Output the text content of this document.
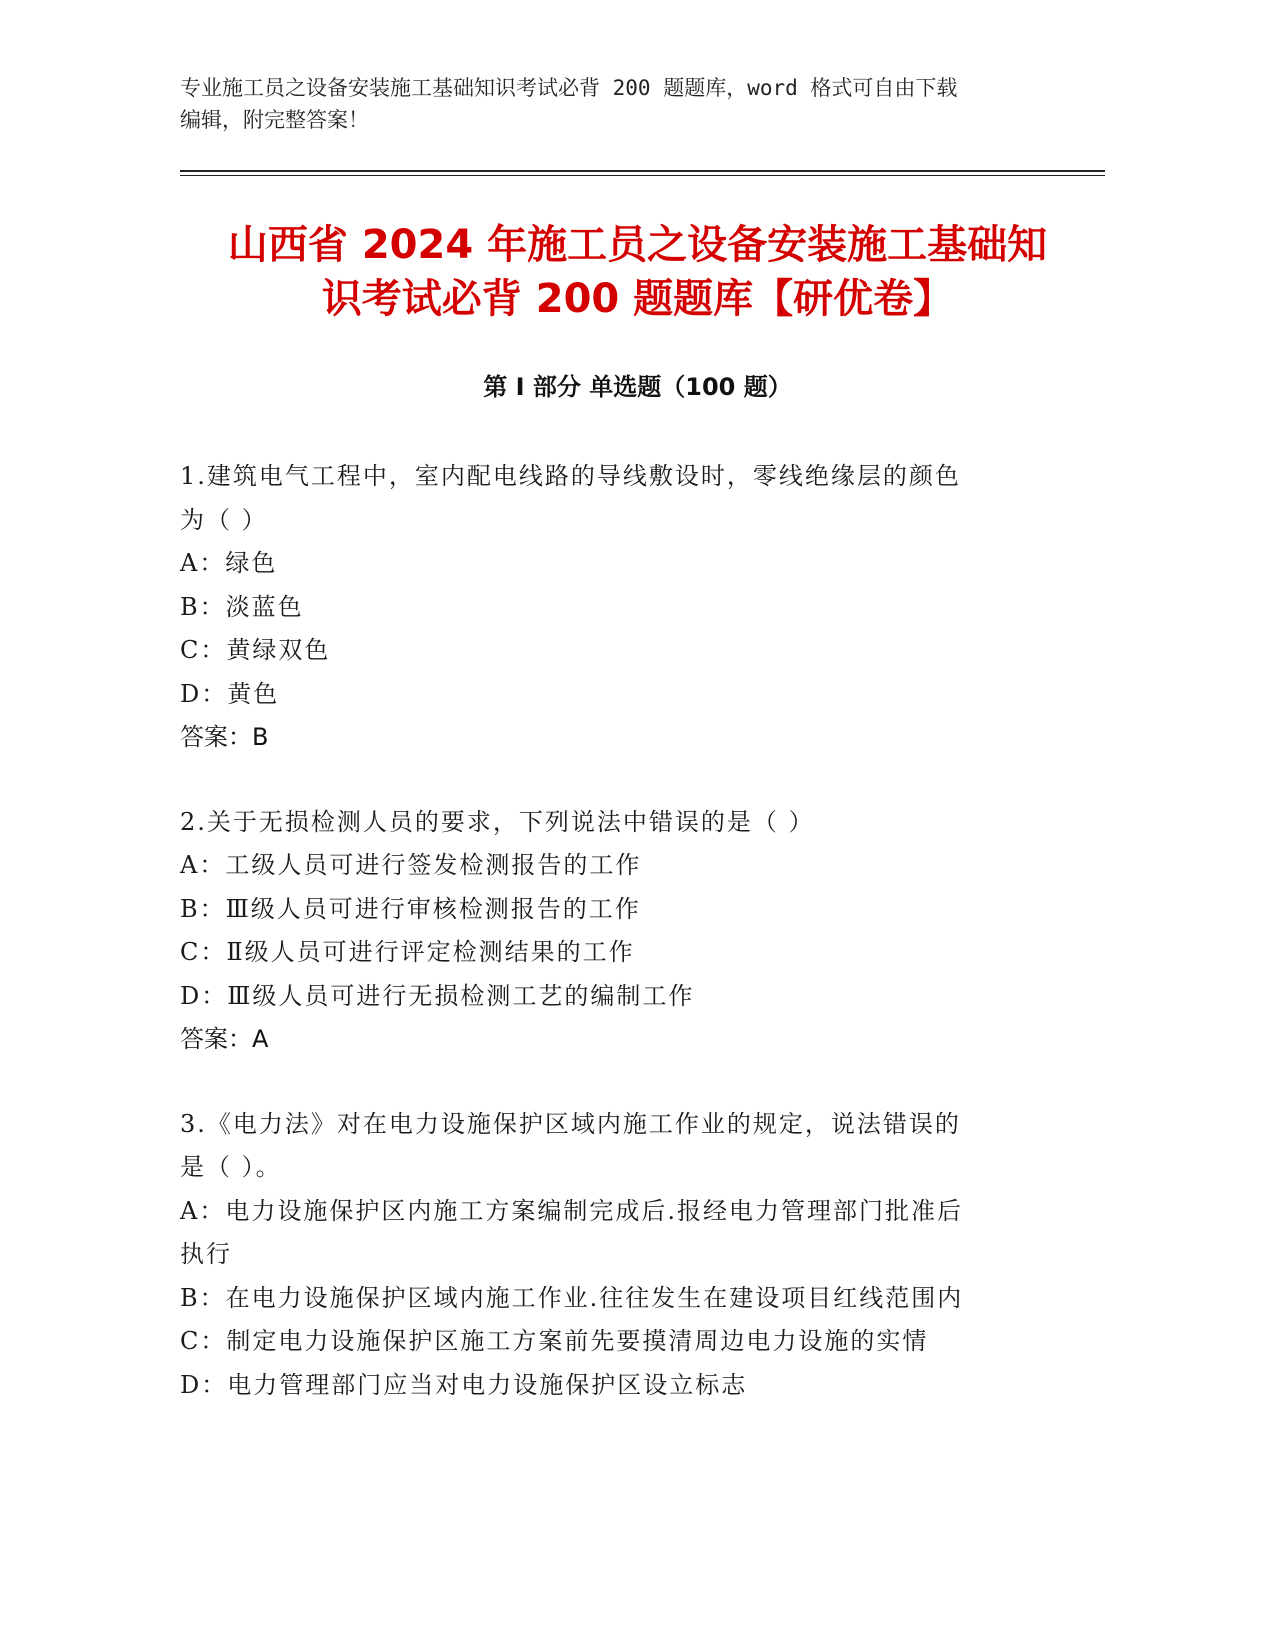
专业施工员之设备安装施工基础知识考试必背 200 题题库，word 格式可自由下载
编辑，附完整答案！
山西省 2024 年施工员之设备安装施工基础知
识考试必背 200 题题库【研优卷】
第 I 部分 单选题（100 题）
1.建筑电气工程中，室内配电线路的导线敷设时，零线绝缘层的颜色
为（ ）
A：绿色
B：淡蓝色
C：黄绿双色
D：黄色
答案：B
2.关于无损检测人员的要求，下列说法中错误的是（ ）
A：工级人员可进行签发检测报告的工作
B：Ⅲ级人员可进行审核检测报告的工作
C：Ⅱ级人员可进行评定检测结果的工作
D：Ⅲ级人员可进行无损检测工艺的编制工作
答案：A
3.《电力法》对在电力设施保护区域内施工作业的规定，说法错误的
是（ ）。
A：电力设施保护区内施工方案编制完成后.报经电力管理部门批准后
执行
B：在电力设施保护区域内施工作业.往往发生在建设项目红线范围内
C：制定电力设施保护区施工方案前先要摸清周边电力设施的实情
D：电力管理部门应当对电力设施保护区设立标志
